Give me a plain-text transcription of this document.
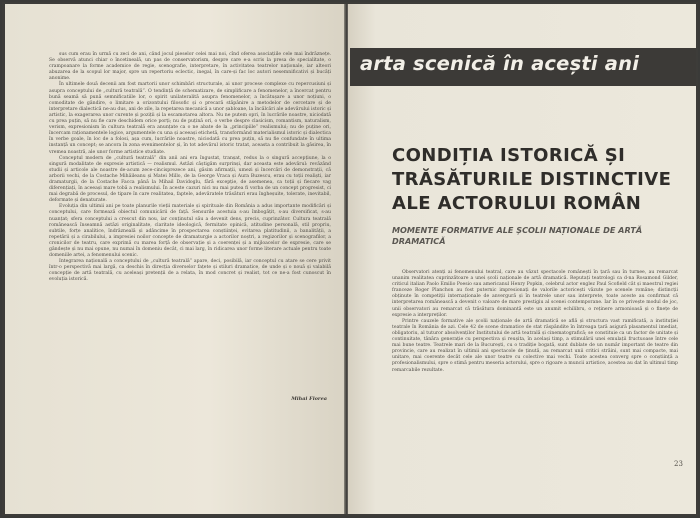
sus cum erau în urmă cu zeci de ani, când jocul pieselor celei mai noi, cînd oferea asociațiile cele mai îndrăznețe. Se observă atunci chiar o încetineală, un pas de conservatorism, despre care e-a scris la presa de specialitate, o crampoanare la forme academice de regie, scenografie, interpretare, în activitatea teatrelor naționale, iar alteori abuzarea de la scopul lor major, spre un repertoriu eclectic, inegal, în care-și fac loc autori nesemnificativi și bucăți anonime.

În ultimele două decenii am fost martorii unor schimbări structurale, ai unor procese complexe cu repercusiuni și asupra conceptului de „cultură teatrală”. O tendință de schematizare, de simplificare a fenomenelor, a încercat pentru bună seamă să pună semnificatiile lor, o spirit unilateralită asupra fenomenelor, a încătușare a unor noțiuni, o comoditate de gândire, o limitare a orizontului filosofic și o precară stăpânire a metodelor de cercetare și de interpretare dialectică ne-au dus, ani de zile, la repetarea mecanică a unor șabloane, la încălcări ale adevărului istoric și artistic, la exagerarea unor curente și poziții și la escamotarea altora. Nu ne putem opri, în lucrările noastre, niciodată cu prea puțin, să nu fie care deschidem orice porți; nu de puțină ori, o verbe despre clasicism, romantism, naturalism, verism, expresionism în cultura teatrală era anunțate ca o ne abate de la „principiile” realismului; nu de puține ori, încercam raționamentele logice, argumentele cu una și aceeași etichetă, transformând materialismul istoric și dialectica în verbe goale, în loc de a folosi, așa cum, lucrările noastre, niciodată cu prea puțin, să nu fie confundate în ultima instanță un concept; se ancora în zona evenimentelor și, în tot adevărul istoric tratat, aceasta a contribuit la găsirea, în vremea noastră, ale unor forme artistice studiate.

Conceptul modern de „cultură teatrală” din anii ani era îngustat, tranșat, redus la o singură accepțiune, la o singură modalitate de expresie artistică — realismul. Astăzi câștigăm surprinși, dar aceasta este adevărul: revăzând studii și articole ale noastre de-acum zece-cincisprezece ani, găsim afirmații, umezi și încercări de demonstrații, că arborii vechi, de la Costache Mihăileanu și Matei Millo, de la George Vraca și Aura Buzescu, erau cu toții realiști, iar dramaturgii, de la Costache Facca până la Mihail Davidoglu, fără excepție, de asemenea, ca toții și fiecare vag diferențiați, în aceeași mare tobă a realismului. În aceste cazuri nici nu mai putea fi vorba de un concept progresist, ci mai degrabă de procesul, de tipare în care realitatea, faptele, adevăratele trăsături erau îngheșuite, tolerate, inevitabil, deformate și denaturate.

Evoluția din ultimii ani pe toate planurile vieții materiale și spirituale din România a adus importante modificări și conceptului, care formează obiectul comunicării de față. Sensurile acestuia s-au îmbogățit, s-au diversificat, s-au nuanțat; sfera conceptului a crescut din nou, iar conținutul său a devenit dens, precis, cuprinzător. Cultura teatrală românească înseamnă astăzi originalitate, claritate ideologică, fermitate opinică, atitudine personală, stil propriu, subtile, forțe analitice, îndrăzneală și adâncime în prospectarea conștiinței, evitarea platitudinii, a banalității, a repetării și a cirabilului, a impresiei noilor concepte de dramaturgie a actorilor noștri, a regizorilor și scenografilor, a cronicilor de teatru, care exprimă cu marea forță de observație și a coerenței și a mijloacelor de expresie, care se gândește și nu mai opune, nu numai în domeniu decât, ci mai larg, în ridicarea unor forme literare actuale pentru toate domeniile artei, a fenomenului scenic.

Integrarea națională a conceptului de „cultură teatrală” apare, deci, posibilă, iar conceptul cu atare se cere privit într-o perspectivă mai largă, ca deschis în direcția diverselor fațete și stiluri dramatice, de unde și o nouă și valabilă concepție de artă teatrală, cu aceleași pretenții de a relata, în mod concret și realist, tot ce ne-a fost cunoscut în evoluția istorică.

Mihai Florea
arta scenică în acești ani
CONDIȚIA ISTORICĂ ȘI TRĂSĂTURILE DISTINCTIVE ALE ACTORULUI ROMÂN
MOMENTE FORMATIVE ALE ȘCOLII NAȚIONALE DE ARTĂ DRAMATICĂ

Observatori atenți ai fenomenului teatral, care au văzut spectacole românești în țară sau în turnee, au remarcat unanim realitatea cuprinzătoare a unei școli naționale de artă dramatică. Reputați teatrologi ca d-na Rosamond Gilder, criticul italian Paolo Emilio Poesio sau americanul Henry Popkin, celebrul actor englez Paul Scofield cât și maestrul regiei franceze Roger Planchon au fost puternic impresionați de valorile actoricești văzute pe scenele române; distincții obținute în competiții internaționale de anvergură și în teatrele unor sau interprete, toate aceste au confirmat că interpretarea românească a devenit o valoare de mare prestigiu al scenei contemporane. Iar în ce privește modul de joc, unii observatori au remarcat că trăsătura dominantă este un anumit echilibru, o reținere armonioasă și o finețe de expresie a interpreților.

Printre cauzele formative ale școlii naționale de artă dramatică se află și structura vast ramificată, a instituției teatrale în România de azi. Cele 42 de scene dramatice de stat răspândite în întreaga țară asigură plasamentul imediat, obligatoriu, al tuturor absolvenților Institutului de artă teatrală și cinematografică; se constituie ca un factor de unitate și continuitate, tânăra generație cu perspectiva și reușita, în același timp, a stimulării unei emulații fructuoase între cele mai bune teatre. Teatrele mari de la București, cu o tradiție bogată, sunt dublate de un număr important de teatre din provincie, care au realizat în ultimii ani spectacole de ținută, au remarcat unii critici străini, sunt mai compacte, mai unitare, mai coerente decât cele ale unor teatre cu colective mai vechi. Toate acestea converg spre o conștiință a profesionalismului, spre o stimă pentru meseria actorului, spre o rigoare a muncii artistice, acestea au dat în ultimul timp remarcabile rezultate.

23
